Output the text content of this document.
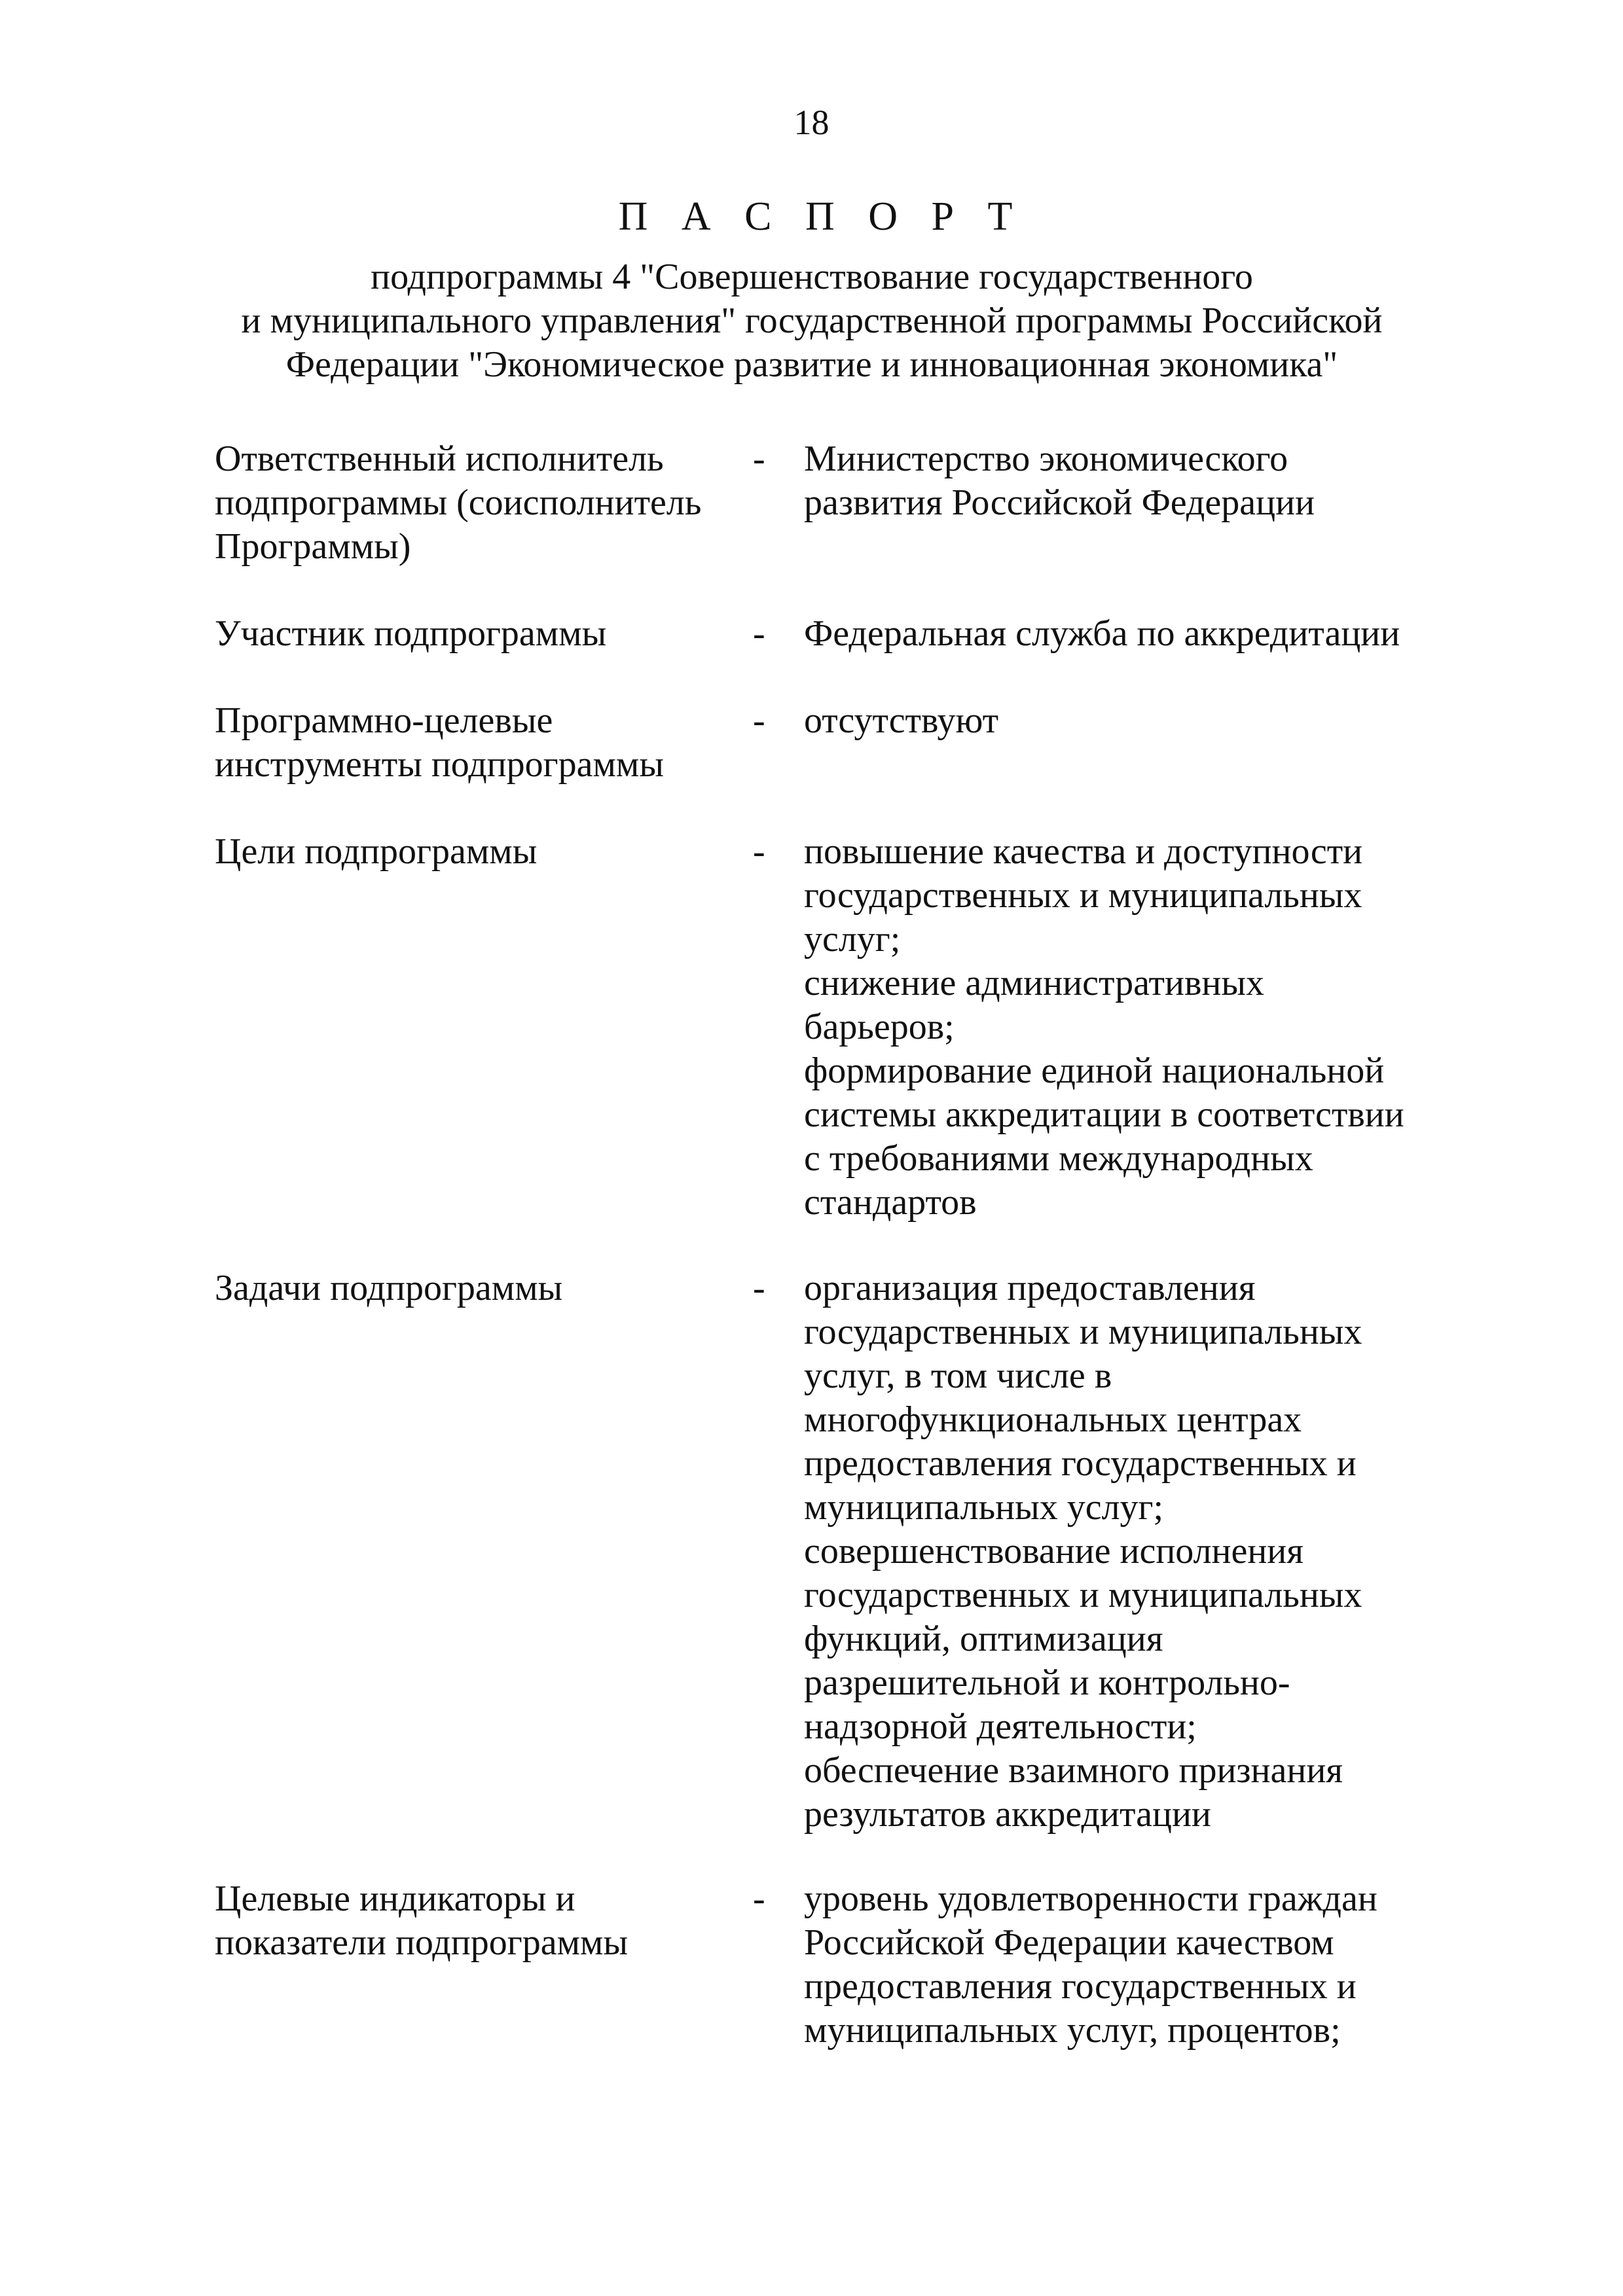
18
П А С П О Р Т
подпрограммы 4 "Совершенствование государственного
и муниципального управления" государственной программы Российской
Федерации "Экономическое развитие и инновационная экономика"
Ответственный исполнитель
подпрограммы (соисполнитель
Программы)
- Министерство экономического
развития Российской Федерации
Участник подпрограммы	- Федеральная служба по аккредитации
Программно-целевые
инструменты подпрограммы
- отсутствуют
Цели подпрограммы	- повышение качества и доступности
государственных и муниципальных
услуг;
снижение административных
барьеров;
формирование единой национальной
системы аккредитации в соответствии
с требованиями международных
стандартов
Задачи подпрограммы	- организация предоставления
государственных и муниципальных
услуг, в том числе в
многофункциональных центрах
предоставления государственных и
муниципальных услуг;
совершенствование исполнения
государственных и муниципальных
функций, оптимизация
разрешительной и контрольно-
надзорной деятельности;
обеспечение взаимного признания
результатов аккредитации
Целевые индикаторы и
показатели подпрограммы
- уровень удовлетворенности граждан
Российской Федерации качеством
предоставления государственных и
муниципальных услуг, процентов;
